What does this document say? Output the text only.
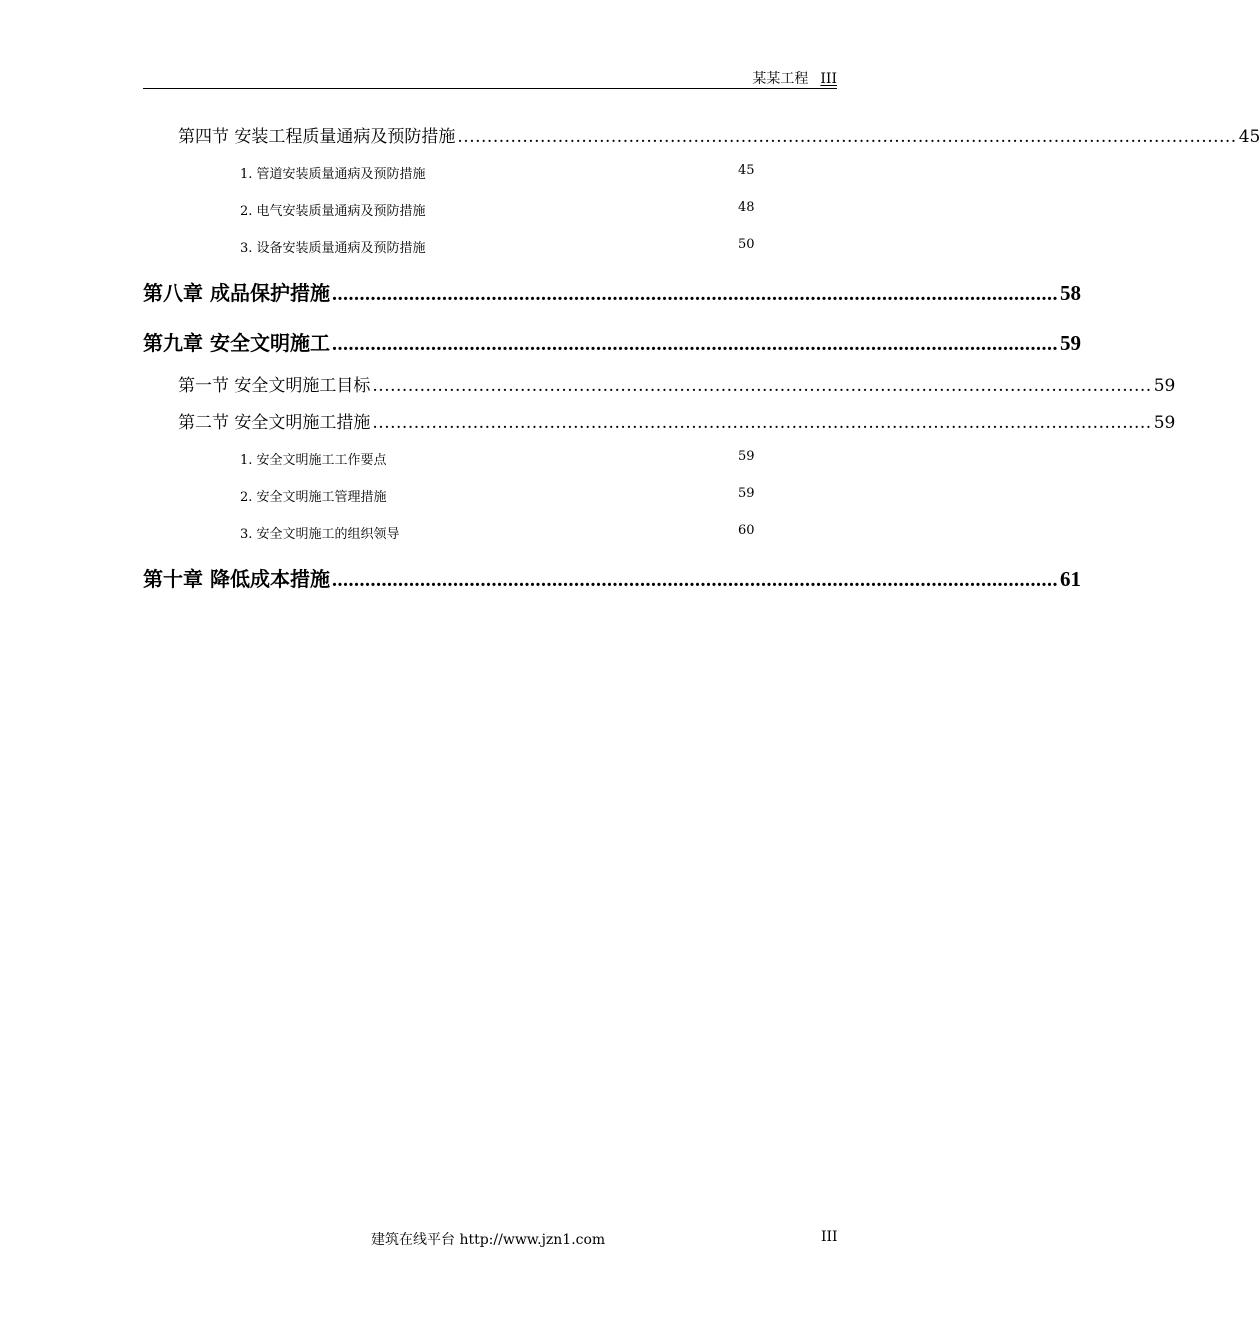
某某工程 III
第四节 安装工程质量通病及预防措施 .................................................................................................................................... 45
1. 管道安装质量通病及预防措施	45
2. 电气安装质量通病及预防措施	48
3. 设备安装质量通病及预防措施	50
第八章 成品保护措施 .................................................................................................................................... 58
第九章 安全文明施工 .................................................................................................................................... 59
第一节 安全文明施工目标 .................................................................................................................................... 59
第二节 安全文明施工措施 .................................................................................................................................... 59
1. 安全文明施工工作要点	59
2. 安全文明施工管理措施	59
3. 安全文明施工的组织领导	60
第十章 降低成本措施 .................................................................................................................................... 61
建筑在线平台 http://www.jzn1.com	III
